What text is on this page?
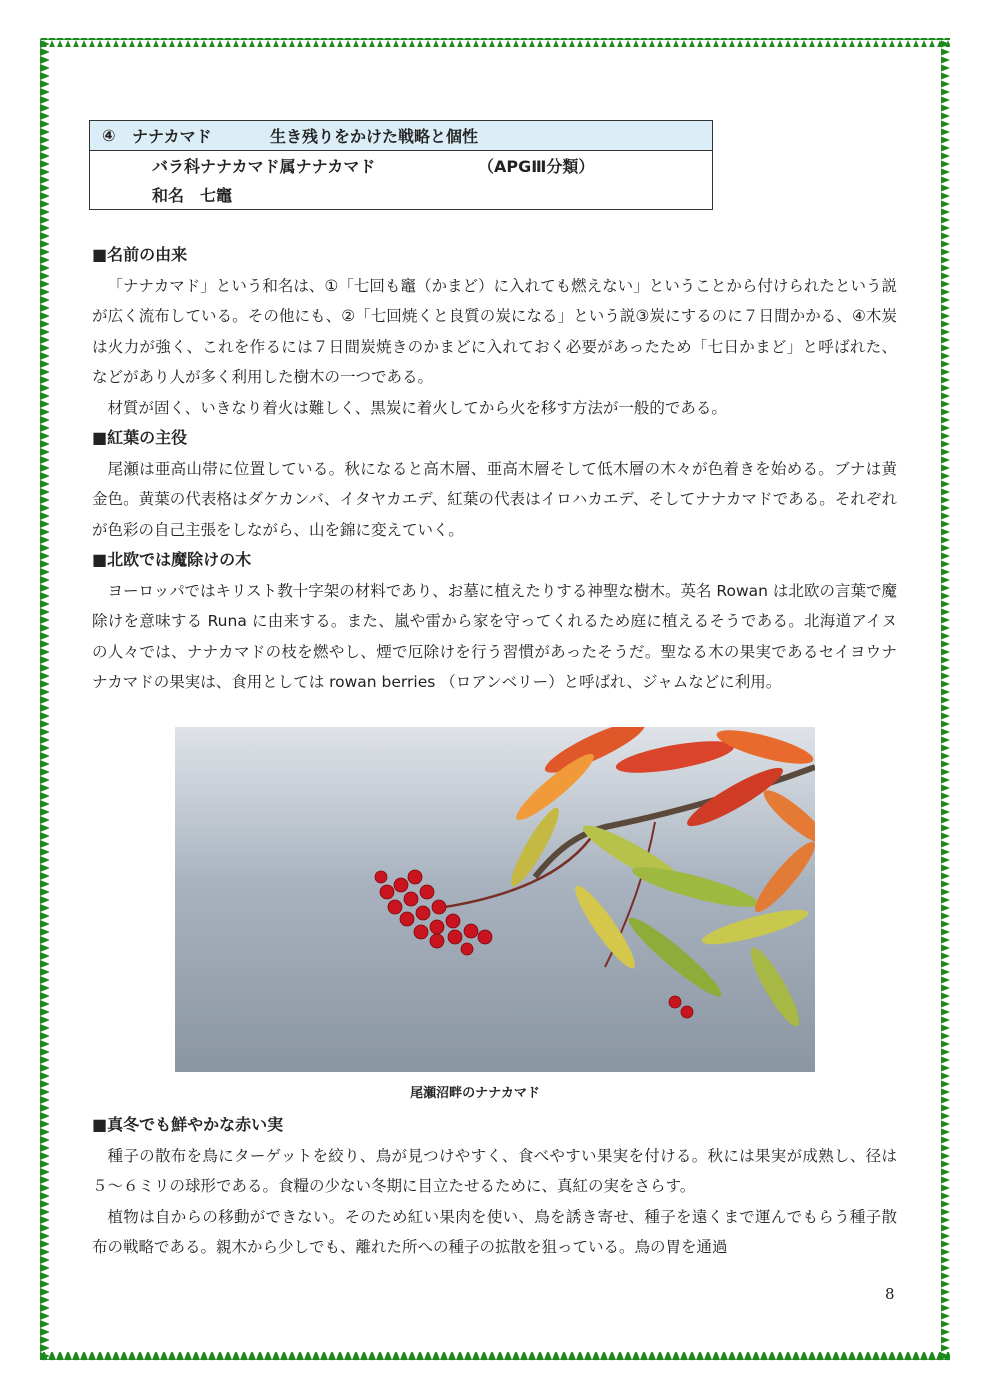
④	ナナカマド	生き残りをかけた戦略と個性
バラ科ナナカマド属ナナカマド	（APGⅢ分類）
和名　七竈
■名前の由来

「ナナカマド」という和名は、①「七回も竈（かまど）に入れても燃えない」ということから付けられたという説が広く流布している。その他にも、②「七回焼くと良質の炭になる」という説③炭にするのに７日間かかる、④木炭は火力が強く、これを作るには７日間炭焼きのかまどに入れておく必要があったため「七日かまど」と呼ばれた、などがあり人が多く利用した樹木の一つである。

材質が固く、いきなり着火は難しく、黒炭に着火してから火を移す方法が一般的である。

■紅葉の主役

尾瀬は亜高山帯に位置している。秋になると高木層、亜高木層そして低木層の木々が色着きを始める。ブナは黄金色。黄葉の代表格はダケカンバ、イタヤカエデ、紅葉の代表はイロハカエデ、そしてナナカマドである。それぞれが色彩の自己主張をしながら、山を錦に変えていく。

■北欧では魔除けの木

ヨーロッパではキリスト教十字架の材料であり、お墓に植えたりする神聖な樹木。英名 Rowan は北欧の言葉で魔除けを意味する Runa に由来する。また、嵐や雷から家を守ってくれるため庭に植えるそうである。北海道アイヌの人々では、ナナカマドの枝を燃やし、煙で厄除けを行う習慣があったそうだ。聖なる木の果実であるセイヨウナナカマドの果実は、食用としては rowan berries （ロアンベリー）と呼ばれ、ジャムなどに利用。

尾瀬沼畔のナナカマド
■真冬でも鮮やかな赤い実

種子の散布を鳥にターゲットを絞り、鳥が見つけやすく、食べやすい果実を付ける。秋には果実が成熟し、径は５～６ミリの球形である。食糧の少ない冬期に目立たせるために、真紅の実をさらす。

植物は自からの移動ができない。そのため紅い果肉を使い、鳥を誘き寄せ、種子を遠くまで運んでもらう種子散布の戦略である。親木から少しでも、離れた所への種子の拡散を狙っている。鳥の胃を通過

8
